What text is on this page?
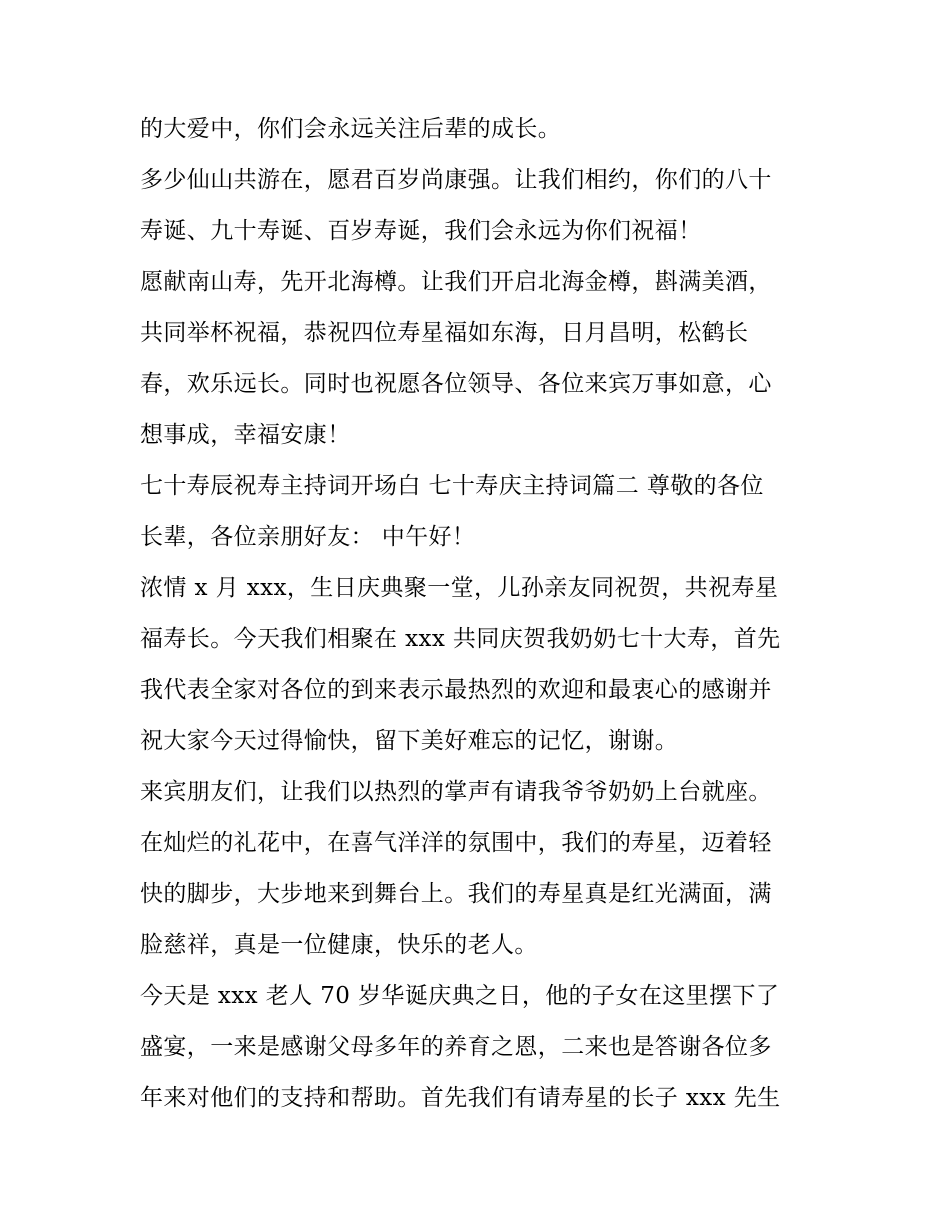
的大爱中，你们会永远关注后辈的成长。
多少仙山共游在，愿君百岁尚康强。让我们相约，你们的八十
寿诞、九十寿诞、百岁寿诞，我们会永远为你们祝福！
愿献南山寿，先开北海樽。让我们开启北海金樽，斟满美酒，
共同举杯祝福，恭祝四位寿星福如东海，日月昌明，松鹤长
春，欢乐远长。同时也祝愿各位领导、各位来宾万事如意，心
想事成，幸福安康！
七十寿辰祝寿主持词开场白 七十寿庆主持词篇二 尊敬的各位
长辈，各位亲朋好友： 中午好！
浓情 x 月 xxx，生日庆典聚一堂，儿孙亲友同祝贺，共祝寿星
福寿长。今天我们相聚在 xxx 共同庆贺我奶奶七十大寿，首先
我代表全家对各位的到来表示最热烈的欢迎和最衷心的感谢并
祝大家今天过得愉快，留下美好难忘的记忆，谢谢。
来宾朋友们，让我们以热烈的掌声有请我爷爷奶奶上台就座。
在灿烂的礼花中，在喜气洋洋的氛围中，我们的寿星，迈着轻
快的脚步，大步地来到舞台上。我们的寿星真是红光满面，满
脸慈祥，真是一位健康，快乐的老人。
今天是 xxx 老人 70 岁华诞庆典之日，他的子女在这里摆下了
盛宴，一来是感谢父母多年的养育之恩，二来也是答谢各位多
年来对他们的支持和帮助。首先我们有请寿星的长子 xxx 先生
